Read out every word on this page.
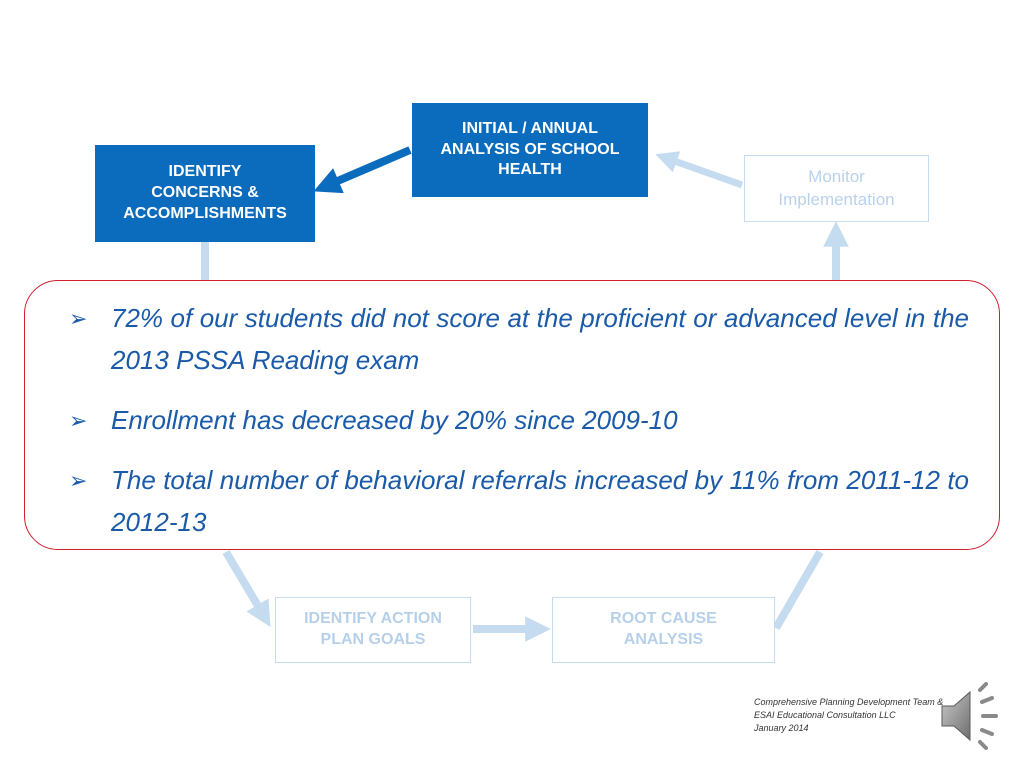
INITIAL / ANNUAL
ANALYSIS OF SCHOOL
HEALTH
IDENTIFY
CONCERNS &
ACCOMPLISHMENTS
Monitor
Implementation
IDENTIFY ACTION
PLAN GOALS
ROOT CAUSE
ANALYSIS
➢ 72% of our students did not score at the proficient or advanced level in the 2013 PSSA Reading exam
➢ Enrollment has decreased by 20% since 2009-10
➢ The total number of behavioral referrals increased by 11% from 2011-12 to 2012-13
Comprehensive Planning Development Team &
ESAI Educational Consultation LLC
January 2014
